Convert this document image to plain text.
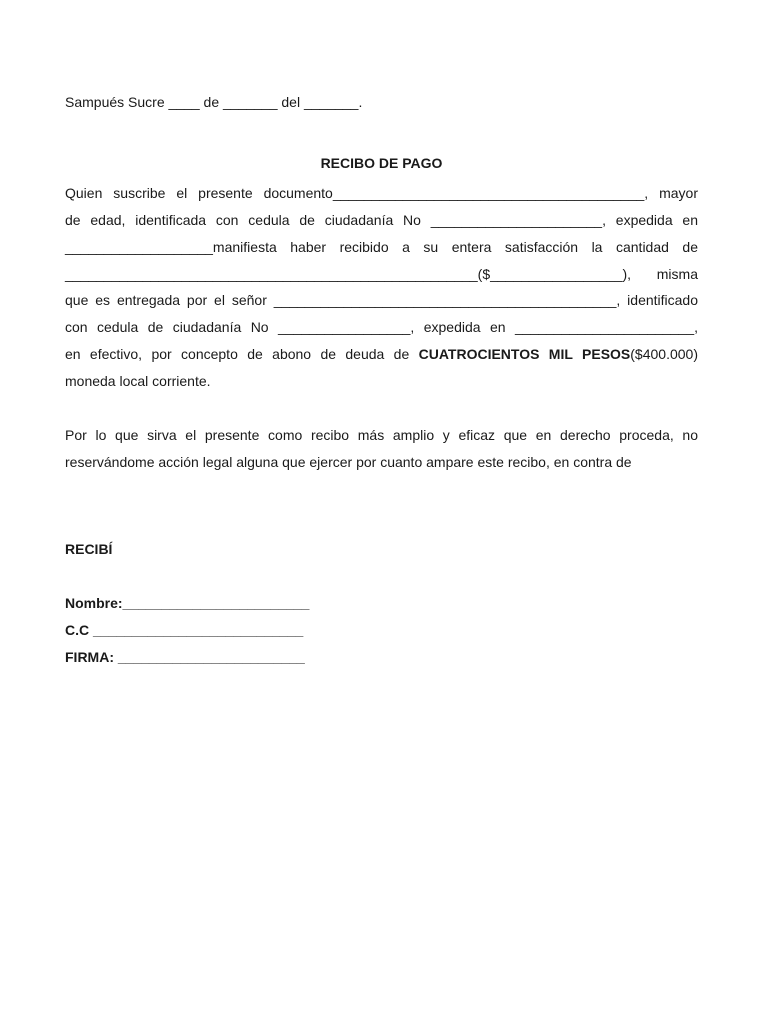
Sampués Sucre ____ de _______ del _______.
RECIBO DE PAGO
Quien suscribe el presente documento________________________________________, mayor
de edad, identificada con cedula de ciudadanía No ______________________, expedida en
___________________manifiesta haber recibido a su entera satisfacción la cantidad de
_____________________________________________________($_________________), misma
que es entregada por el señor ____________________________________________, identificado
con cedula de ciudadanía No _________________, expedida en _______________________,
en efectivo, por concepto de abono de deuda de CUATROCIENTOS MIL PESOS($400.000)
moneda local corriente.
Por lo que sirva el presente como recibo más amplio y eficaz que en derecho proceda, no
reservándome acción legal alguna que ejercer por cuanto ampare este recibo, en contra de
RECIBÍ
Nombre:________________________
C.C ___________________________
FIRMA: ________________________
